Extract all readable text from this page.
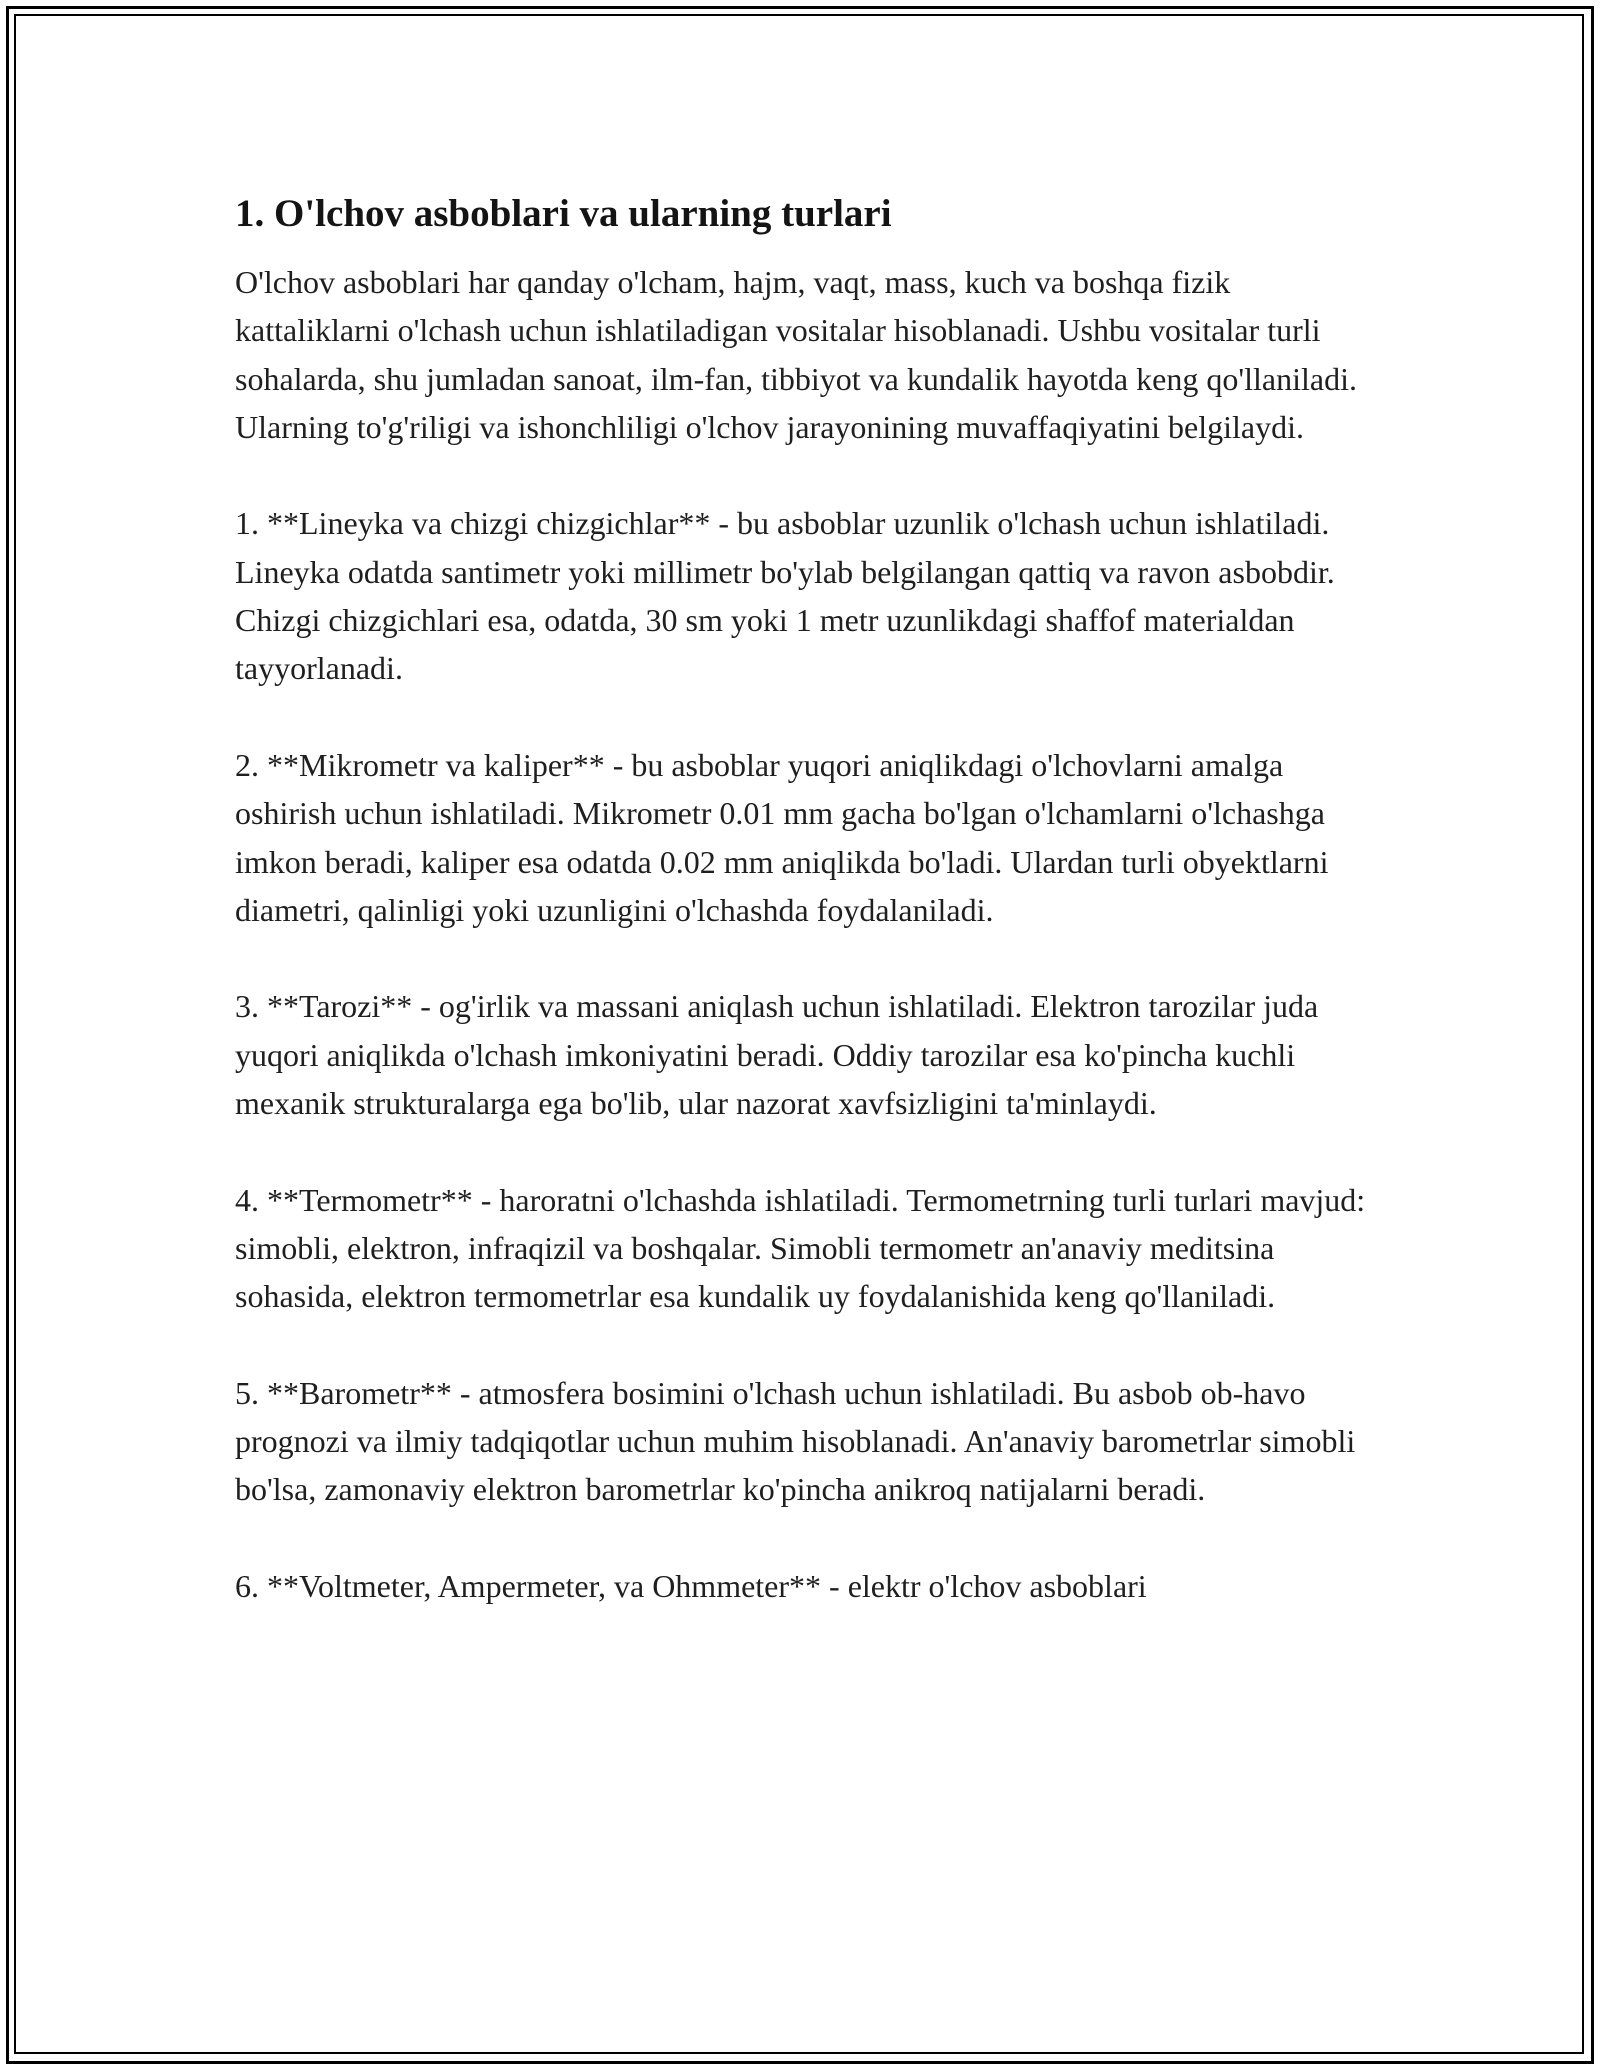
1. O'lchov asboblari va ularning turlari

O'lchov asboblari har qanday o'lcham, hajm, vaqt, mass, kuch va boshqa fizik kattaliklarni o'lchash uchun ishlatiladigan vositalar hisoblanadi. Ushbu vositalar turli sohalarda, shu jumladan sanoat, ilm-fan, tibbiyot va kundalik hayotda keng qo'llaniladi. Ularning to'g'riligi va ishonchliligi o'lchov jarayonining muvaffaqiyatini belgilaydi.

1. **Lineyka va chizgi chizgichlar** - bu asboblar uzunlik o'lchash uchun ishlatiladi. Lineyka odatda santimetr yoki millimetr bo'ylab belgilangan qattiq va ravon asbobdir. Chizgi chizgichlari esa, odatda, 30 sm yoki 1 metr uzunlikdagi shaffof materialdan tayyorlanadi.

2. **Mikrometr va kaliper** - bu asboblar yuqori aniqlikdagi o'lchovlarni amalga oshirish uchun ishlatiladi. Mikrometr 0.01 mm gacha bo'lgan o'lchamlarni o'lchashga imkon beradi, kaliper esa odatda 0.02 mm aniqlikda bo'ladi. Ulardan turli obyektlarni diametri, qalinligi yoki uzunligini o'lchashda foydalaniladi.

3. **Tarozi** - og'irlik va massani aniqlash uchun ishlatiladi. Elektron tarozilar juda yuqori aniqlikda o'lchash imkoniyatini beradi. Oddiy tarozilar esa ko'pincha kuchli mexanik strukturalarga ega bo'lib, ular nazorat xavfsizligini ta'minlaydi.

4. **Termometr** - haroratni o'lchashda ishlatiladi. Termometrning turli turlari mavjud: simobli, elektron, infraqizil va boshqalar. Simobli termometr an'anaviy meditsina sohasida, elektron termometrlar esa kundalik uy foydalanishida keng qo'llaniladi.

5. **Barometr** - atmosfera bosimini o'lchash uchun ishlatiladi. Bu asbob ob-havo prognozi va ilmiy tadqiqotlar uchun muhim hisoblanadi. An'anaviy barometrlar simobli bo'lsa, zamonaviy elektron barometrlar ko'pincha anikroq natijalarni beradi.

6. **Voltmeter, Ampermeter, va Ohmmeter** - elektr o'lchov asboblari
